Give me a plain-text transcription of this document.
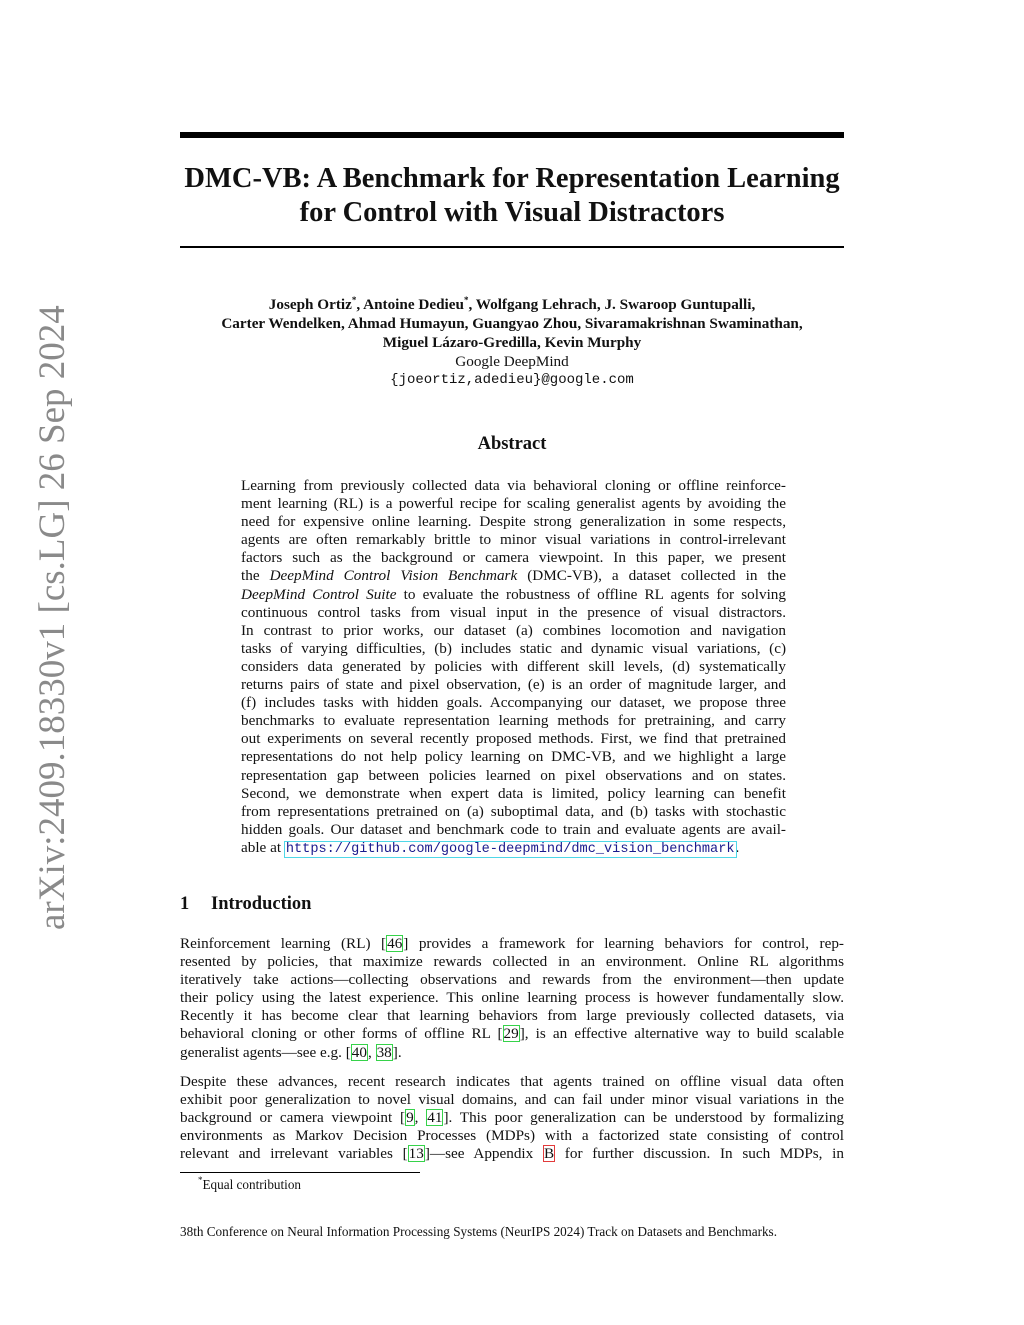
arXiv:2409.18330v1 [cs.LG] 26 Sep 2024
DMC-VB: A Benchmark for Representation Learning
for Control with Visual Distractors
Joseph Ortiz*, Antoine Dedieu*, Wolfgang Lehrach, J. Swaroop Guntupalli,
Carter Wendelken, Ahmad Humayun, Guangyao Zhou, Sivaramakrishnan Swaminathan,
Miguel Lázaro-Gredilla, Kevin Murphy
Google DeepMind
{joeortiz,adedieu}@google.com
Abstract
Learning from previously collected data via behavioral cloning or offline reinforce-
ment learning (RL) is a powerful recipe for scaling generalist agents by avoiding the
need for expensive online learning. Despite strong generalization in some respects,
agents are often remarkably brittle to minor visual variations in control-irrelevant
factors such as the background or camera viewpoint. In this paper, we present
the DeepMind Control Vision Benchmark (DMC-VB), a dataset collected in the
DeepMind Control Suite to evaluate the robustness of offline RL agents for solving
continuous control tasks from visual input in the presence of visual distractors.
In contrast to prior works, our dataset (a) combines locomotion and navigation
tasks of varying difficulties, (b) includes static and dynamic visual variations, (c)
considers data generated by policies with different skill levels, (d) systematically
returns pairs of state and pixel observation, (e) is an order of magnitude larger, and
(f) includes tasks with hidden goals. Accompanying our dataset, we propose three
benchmarks to evaluate representation learning methods for pretraining, and carry
out experiments on several recently proposed methods. First, we find that pretrained
representations do not help policy learning on DMC-VB, and we highlight a large
representation gap between policies learned on pixel observations and on states.
Second, we demonstrate when expert data is limited, policy learning can benefit
from representations pretrained on (a) suboptimal data, and (b) tasks with stochastic
hidden goals. Our dataset and benchmark code to train and evaluate agents are avail-
able at https://github.com/google-deepmind/dmc_vision_benchmark.
1 Introduction
Reinforcement learning (RL) [46] provides a framework for learning behaviors for control, rep-
resented by policies, that maximize rewards collected in an environment. Online RL algorithms
iteratively take actions—collecting observations and rewards from the environment—then update
their policy using the latest experience. This online learning process is however fundamentally slow.
Recently it has become clear that learning behaviors from large previously collected datasets, via
behavioral cloning or other forms of offline RL [29], is an effective alternative way to build scalable
generalist agents—see e.g. [40, 38].
Despite these advances, recent research indicates that agents trained on offline visual data often
exhibit poor generalization to novel visual domains, and can fail under minor visual variations in the
background or camera viewpoint [9, 41]. This poor generalization can be understood by formalizing
environments as Markov Decision Processes (MDPs) with a factorized state consisting of control
relevant and irrelevant variables [13]—see Appendix B for further discussion. In such MDPs, in
*Equal contribution
38th Conference on Neural Information Processing Systems (NeurIPS 2024) Track on Datasets and Benchmarks.
